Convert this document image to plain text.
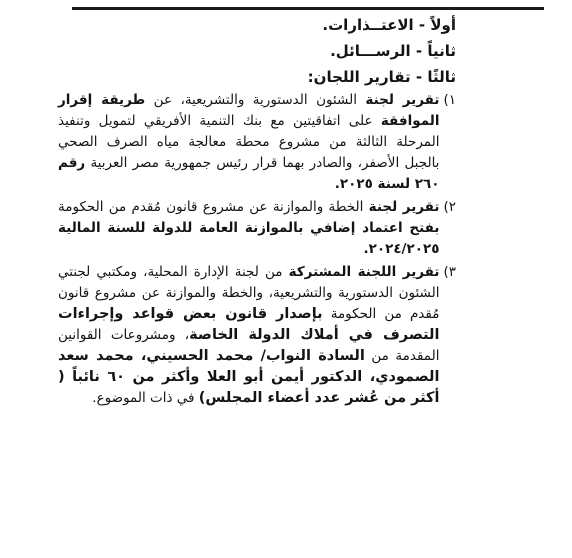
أولاً - الاعتــذارات.
ثانياً - الرســـائل.
ثالثًا - تقارير اللجان:
١)
تقرير لجنة الشئون الدستورية والتشريعية، عن طريقة إقرار الموافقة على اتفاقيتين مع بنك التنمية الأفريقي لتمويل وتنفيذ المرحلة الثالثة من مشروع محطة معالجة مياه الصرف الصحي بالجبل الأصفر، والصادر بهما قرار رئيس جمهورية مصر العربية رقم ٢٦٠ لسنة ٢٠٢٥.
٢)
تقرير لجنة الخطة والموازنة عن مشروع قانون مُقدم من الحكومة بفتح اعتماد إضافي بالموازنة العامة للدولة للسنة المالية ٢٠٢٤/٢٠٢٥.
٣)
تقرير اللجنة المشتركة من لجنة الإدارة المحلية، ومكتبي لجنتي الشئون الدستورية والتشريعية، والخطة والموازنة عن مشروع قانون مُقدم من الحكومة بإصدار قانون بعض قواعد وإجراءات التصرف في أملاك الدولة الخاصة، ومشروعات القوانين المقدمة من السادة النواب/ محمد الحسيني، محمد سعد الصمودي، الدكتور أيمن أبو العلا وأكثر من ٦٠ نائباً ( أكثر من عُشر عدد أعضاء المجلس) في ذات الموضوع.
